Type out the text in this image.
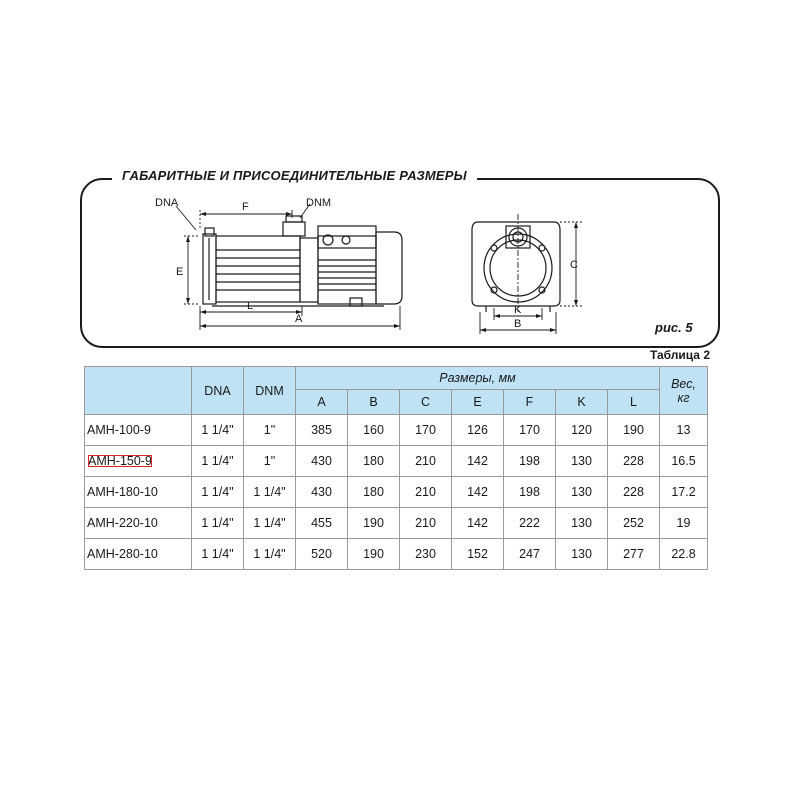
ГАБАРИТНЫЕ И ПРИСОЕДИНИТЕЛЬНЫЕ РАЗМЕРЫ
DNA	DNM
F
E
L
A
C
K
B	рис. 5
Таблица 2
	DNA	DNM	Размеры, мм							Вес,
кг
			A	B	C	E	F	K	L	
АМН-100-9	1 1/4"	1"	385	160	170	126	170	120	190	13
АМН-150-9	1 1/4"	1"	430	180	210	142	198	130	228	16.5
АМН-180-10	1 1/4"	1 1/4"	430	180	210	142	198	130	228	17.2
АМН-220-10	1 1/4"	1 1/4"	455	190	210	142	222	130	252	19
АМН-280-10	1 1/4"	1 1/4"	520	190	230	152	247	130	277	22.8
